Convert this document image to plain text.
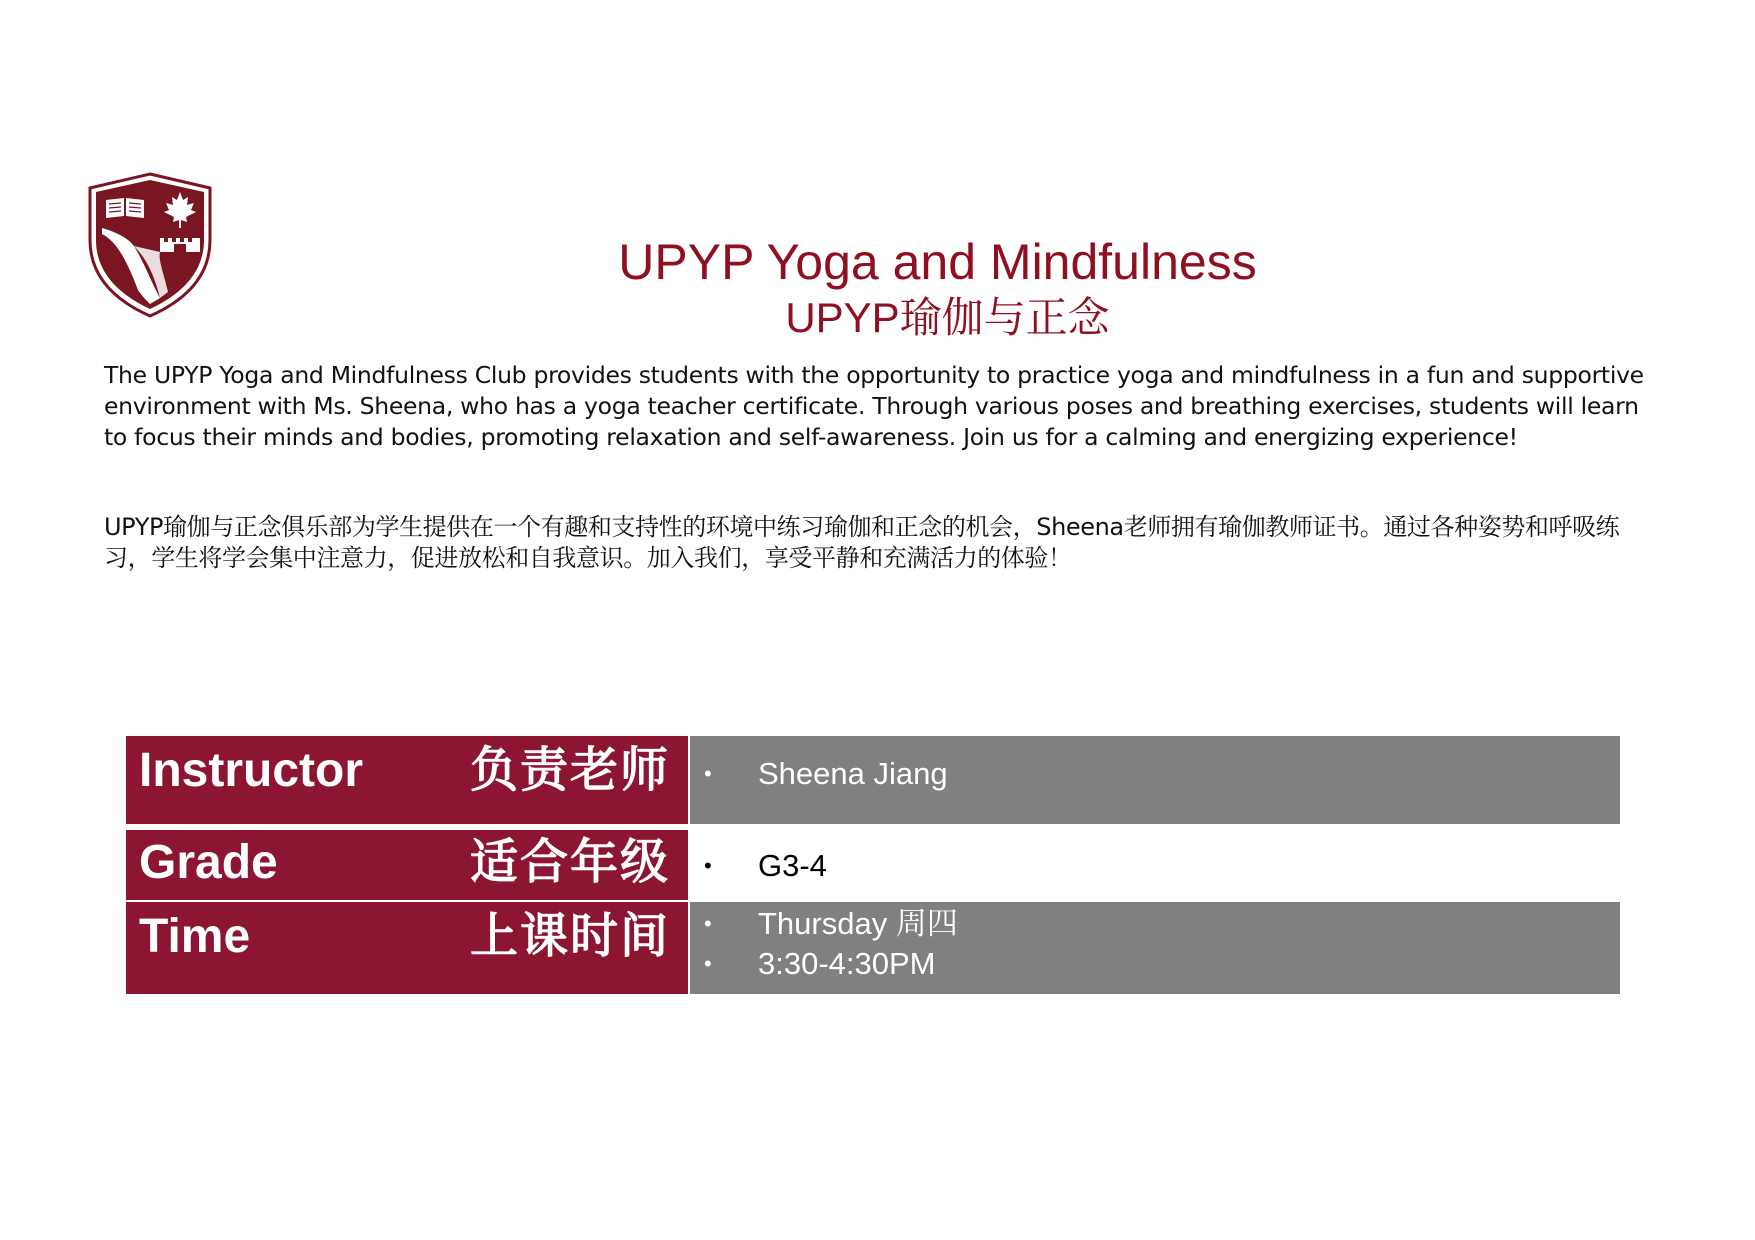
UPYP Yoga and Mindfulness
UPYP瑜伽与正念

The UPYP Yoga and Mindfulness Club provides students with the opportunity to practice yoga and mindfulness in a fun and supportive environment with Ms. Sheena, who has a yoga teacher certificate. Through various poses and breathing exercises, students will learn to focus their minds and bodies, promoting relaxation and self-awareness. Join us for a calming and energizing experience!

UPYP瑜伽与正念俱乐部为学生提供在一个有趣和支持性的环境中练习瑜伽和正念的机会，Sheena老师拥有瑜伽教师证书。通过各种姿势和呼吸练习，学生将学会集中注意力，促进放松和自我意识。加入我们，享受平静和充满活力的体验！

Instructor 负责老师 • Sheena Jiang
Grade	适合年级 • G3-4
Time	上课时间 • Thursday 周四
• 3:30-4:30PM
